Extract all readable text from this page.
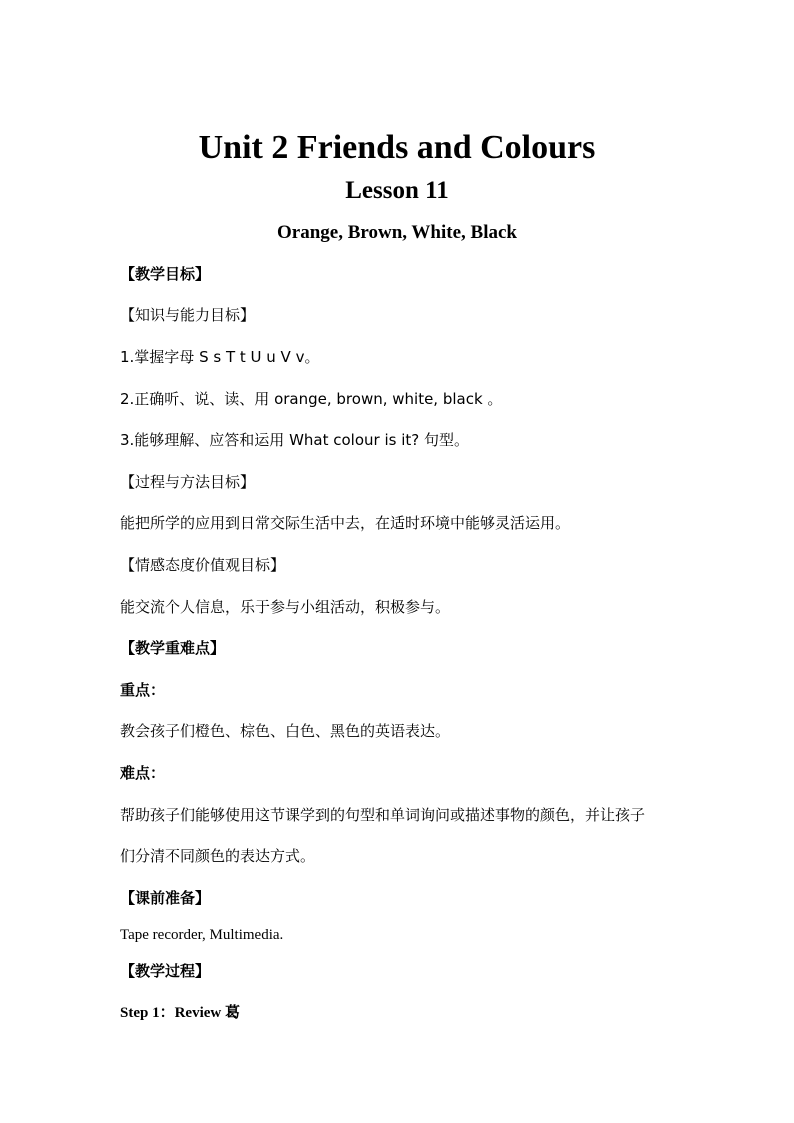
Unit 2 Friends and Colours
Lesson 11
Orange, Brown, White, Black
【教学目标】
【知识与能力目标】
1.掌握字母 S s T t U u V v。
2.正确听、说、读、用 orange, brown, white, black 。
3.能够理解、应答和运用 What colour is it? 句型。
【过程与方法目标】
能把所学的应用到日常交际生活中去，在适时环境中能够灵活运用。
【情感态度价值观目标】
能交流个人信息，乐于参与小组活动，积极参与。
【教学重难点】
重点：
教会孩子们橙色、棕色、白色、黑色的英语表达。
难点：
帮助孩子们能够使用这节课学到的句型和单词询问或描述事物的颜色，并让孩子
们分清不同颜色的表达方式。
【课前准备】
Tape recorder, Multimedia.
【教学过程】
Step 1：Review 葛
